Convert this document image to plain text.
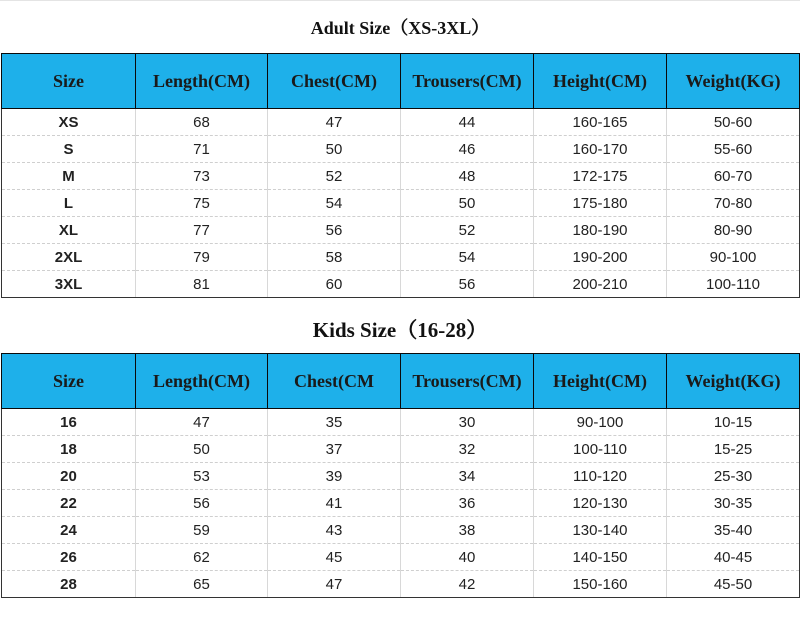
Adult Size（XS-3XL）
Size	Length(CM)	Chest(CM)	Trousers(CM)	Height(CM)	Weight(KG)
XS	68	47	44	160-165	50-60
S	71	50	46	160-170	55-60
M	73	52	48	172-175	60-70
L	75	54	50	175-180	70-80
XL	77	56	52	180-190	80-90
2XL	79	58	54	190-200	90-100
3XL	81	60	56	200-210	100-110
Kids Size（16-28）
Size	Length(CM)	Chest(CM	Trousers(CM)	Height(CM)	Weight(KG)
16	47	35	30	90-100	10-15
18	50	37	32	100-110	15-25
20	53	39	34	110-120	25-30
22	56	41	36	120-130	30-35
24	59	43	38	130-140	35-40
26	62	45	40	140-150	40-45
28	65	47	42	150-160	45-50
